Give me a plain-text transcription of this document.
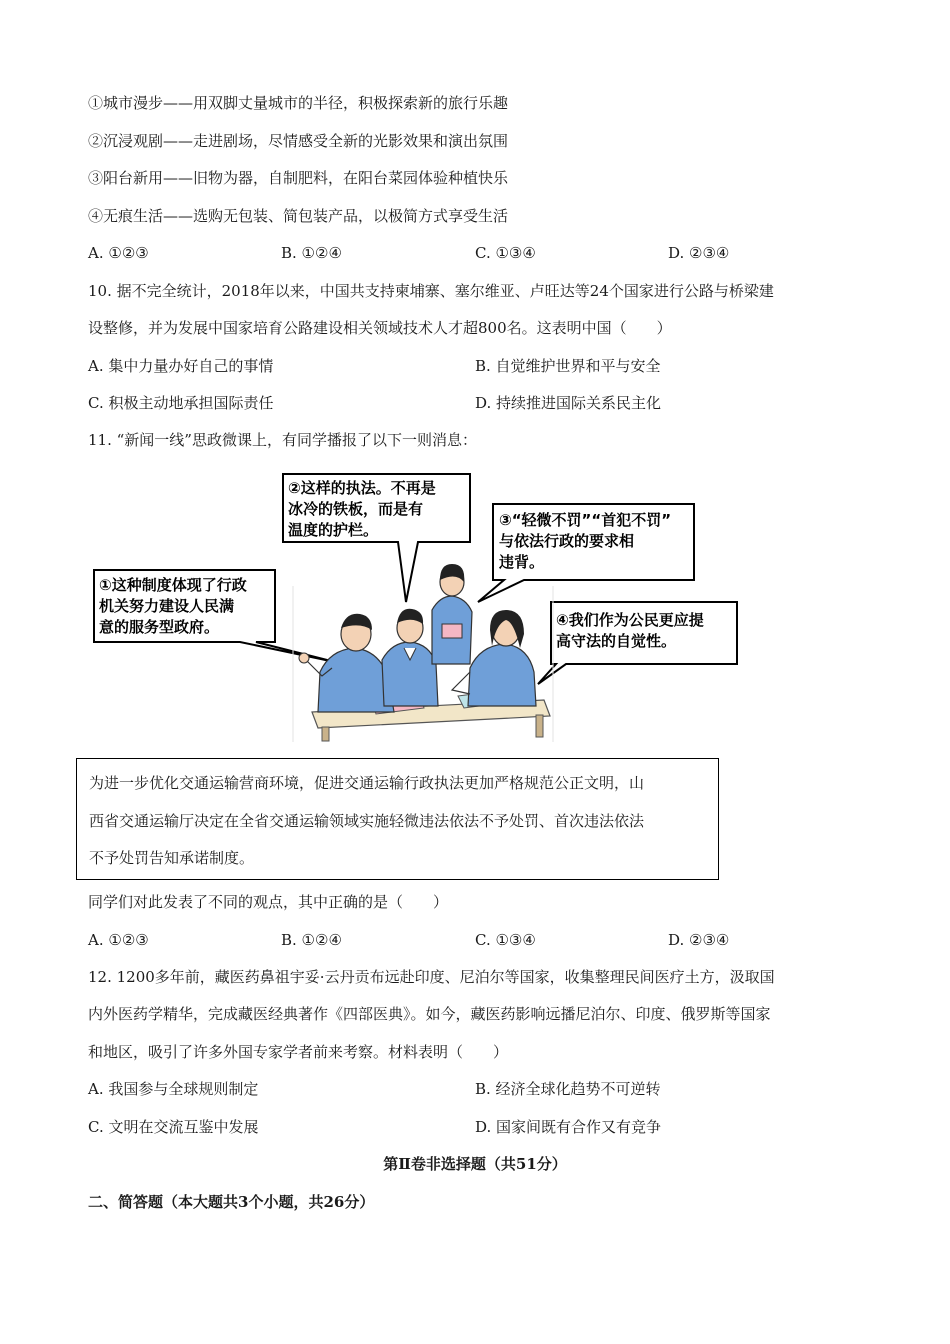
①城市漫步——用双脚丈量城市的半径，积极探索新的旅行乐趣
②沉浸观剧——走进剧场，尽情感受全新的光影效果和演出氛围
③阳台新用——旧物为器，自制肥料，在阳台菜园体验种植快乐
④无痕生活——选购无包装、简包装产品，以极简方式享受生活
A. ①②③	B. ①②④	C. ①③④	D. ②③④
10. 据不完全统计，2018年以来，中国共支持柬埔寨、塞尔维亚、卢旺达等24个国家进行公路与桥梁建
设整修，并为发展中国家培育公路建设相关领域技术人才超800名。这表明中国（　　）
A. 集中力量办好自己的事情	B. 自觉维护世界和平与安全
C. 积极主动地承担国际责任	D. 持续推进国际关系民主化
11. “新闻一线”思政微课上，有同学播报了以下一则消息：
②这样的执法。不再是
冰冷的铁板，而是有
温度的护栏。
③“轻微不罚”“首犯不罚”
与依法行政的要求相
违背。
①这种制度体现了行政
机关努力建设人民满
意的服务型政府。	④我们作为公民更应提
高守法的自觉性。
为进一步优化交通运输营商环境，促进交通运输行政执法更加严格规范公正文明，山
西省交通运输厅决定在全省交通运输领域实施轻微违法依法不予处罚、首次违法依法
不予处罚告知承诺制度。
同学们对此发表了不同的观点，其中正确的是（　　）
A. ①②③	B. ①②④	C. ①③④	D. ②③④
12. 1200多年前，藏医药鼻祖宇妥·云丹贡布远赴印度、尼泊尔等国家，收集整理民间医疗土方，汲取国
内外医药学精华，完成藏医经典著作《四部医典》。如今，藏医药影响远播尼泊尔、印度、俄罗斯等国家
和地区，吸引了许多外国专家学者前来考察。材料表明（　　）
A. 我国参与全球规则制定	B. 经济全球化趋势不可逆转
C. 文明在交流互鉴中发展	D. 国家间既有合作又有竞争
第Ⅱ卷非选择题（共51分）
二、简答题（本大题共3个小题，共26分）
